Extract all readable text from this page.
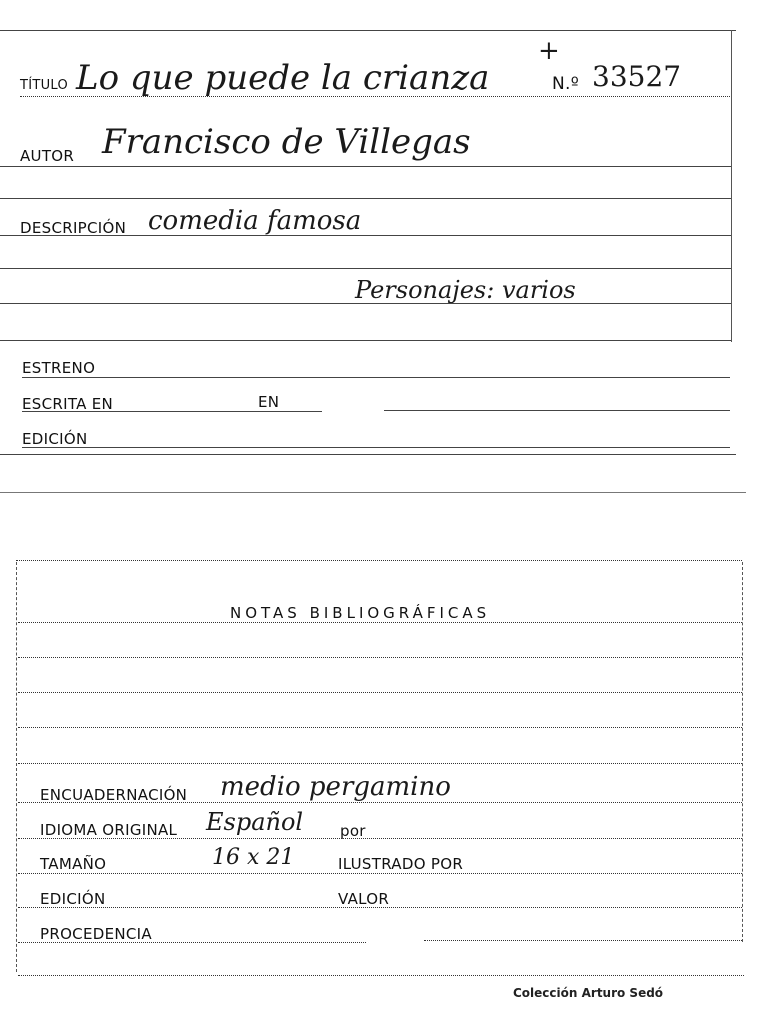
TÍTULO Lo que puede la crianza	N.º 33527
+
AUTOR Francisco de Villegas
DESCRIPCIÓN comedia famosa
Personajes: varios
ESTRENO
ESCRITA EN	EN
EDICIÓN
NOTAS BIBLIOGRÁFICAS
ENCUADERNACIÓN medio pergamino
IDIOMA ORIGINAL Español por
TAMAÑO	16 x 21	ILUSTRADO POR
EDICIÓN	VALOR
PROCEDENCIA
Colección Arturo Sedó
